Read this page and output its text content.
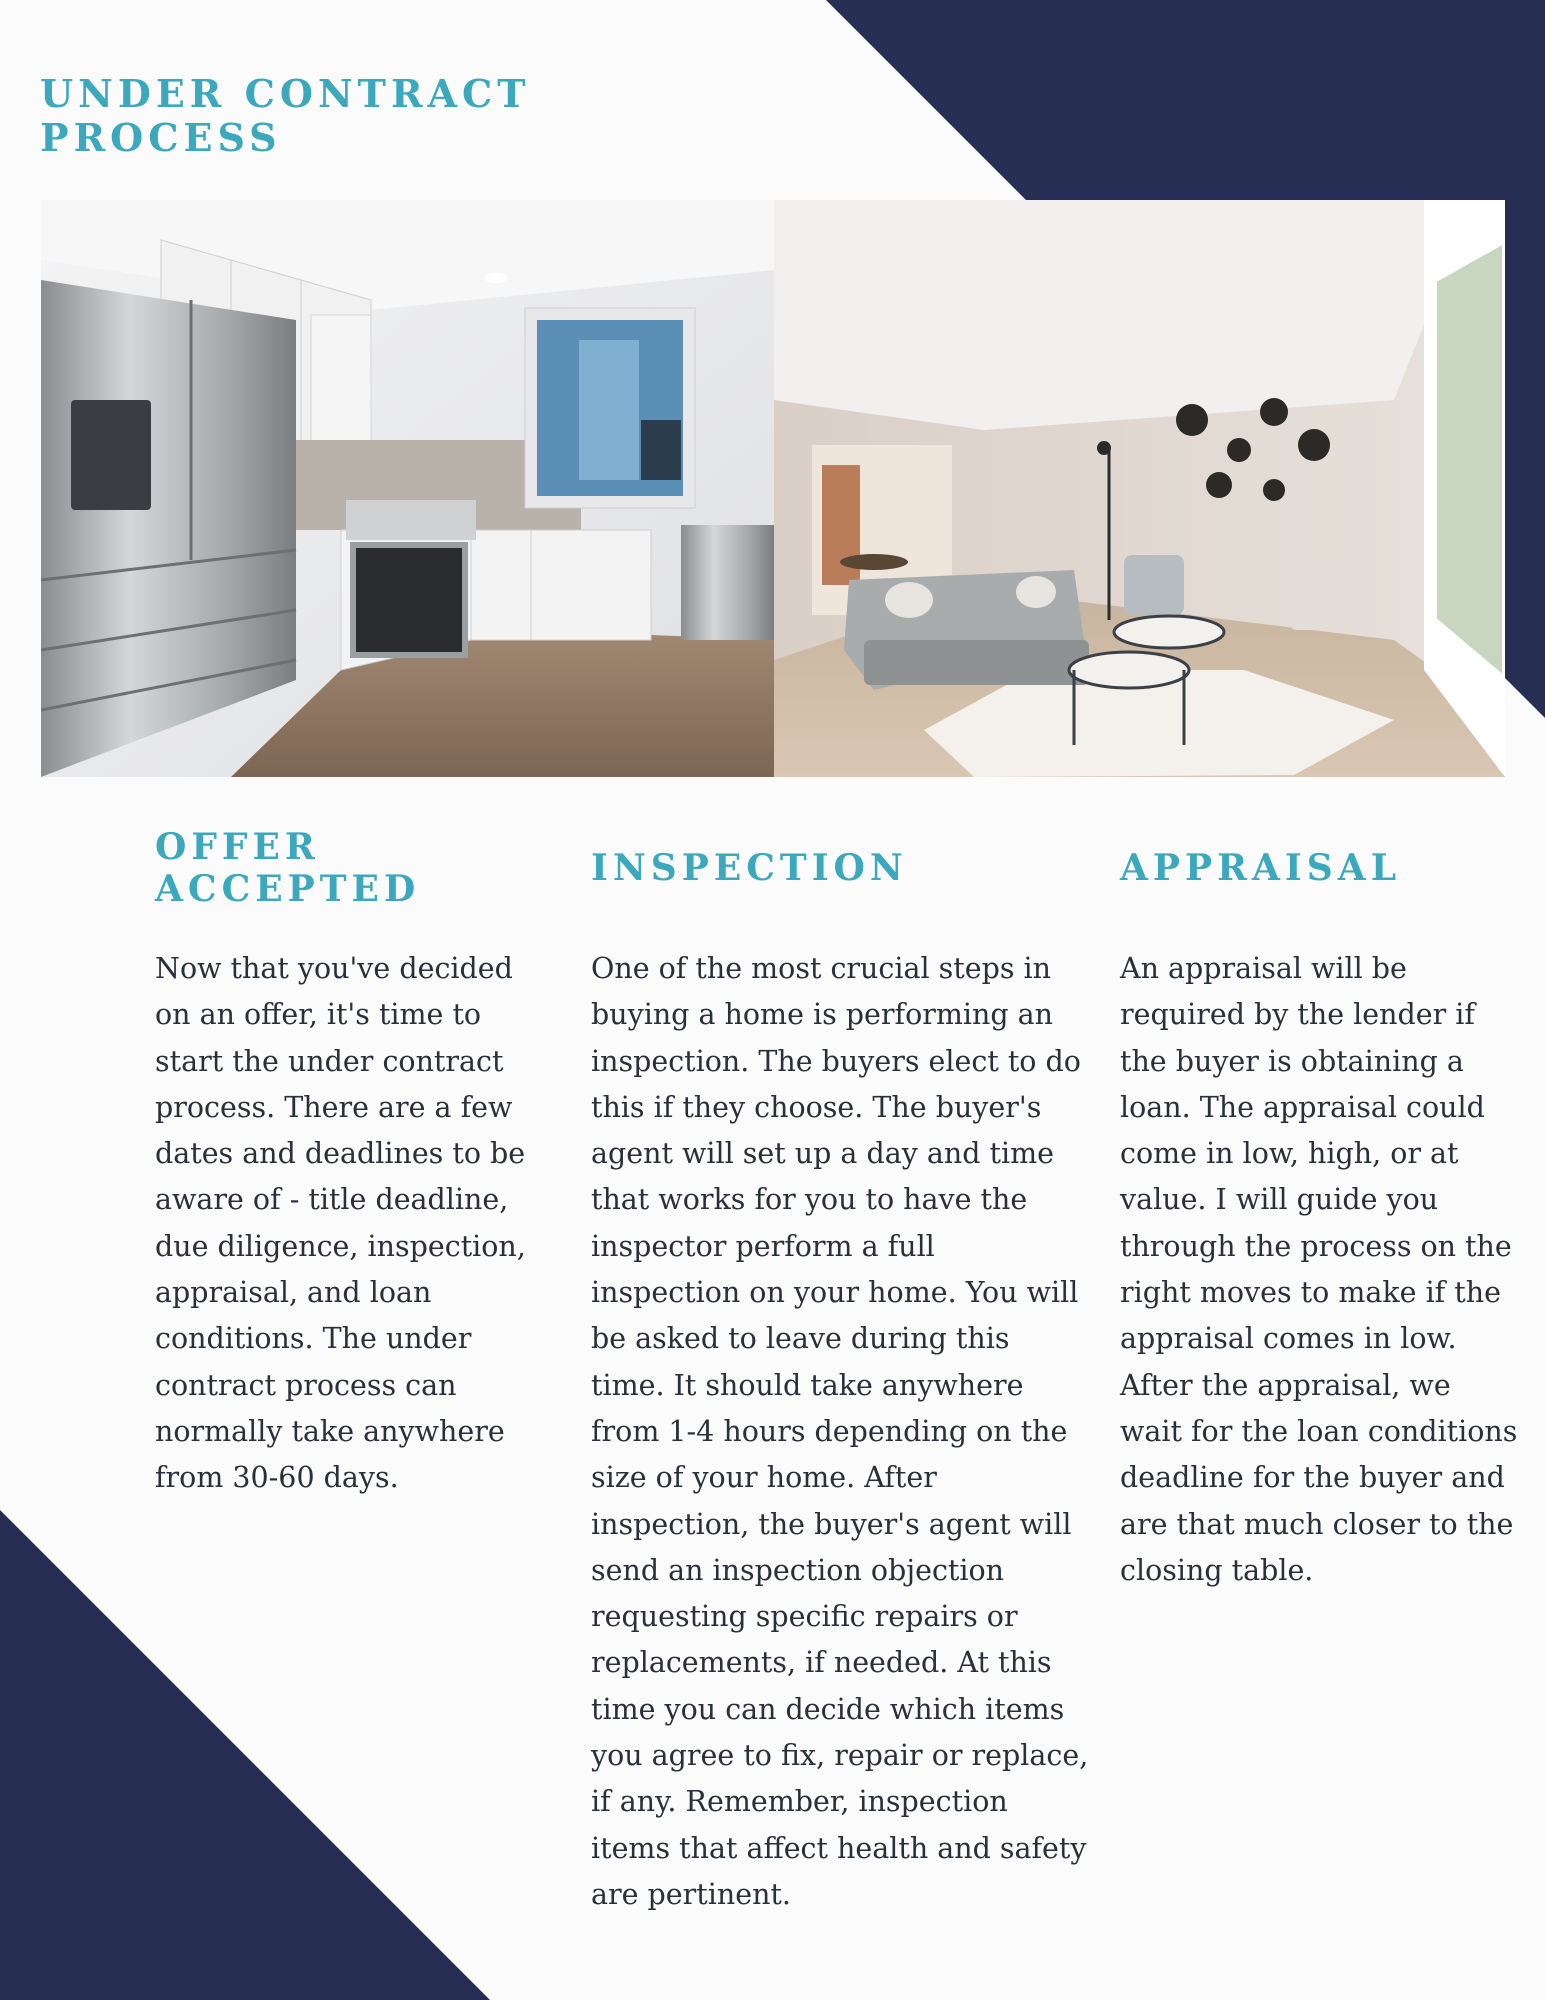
UNDER CONTRACT PROCESS
OFFER ACCEPTED

Now that you've decided on an offer, it's time to start the under contract process. There are a few dates and deadlines to be aware of - title deadline, due diligence, inspection, appraisal, and loan conditions. The under contract process can normally take anywhere from 30-60 days.

INSPECTION

One of the most crucial steps in buying a home is performing an inspection. The buyers elect to do this if they choose. The buyer's agent will set up a day and time that works for you to have the inspector perform a full inspection on your home. You will be asked to leave during this time. It should take anywhere from 1-4 hours depending on the size of your home. After inspection, the buyer's agent will send an inspection objection requesting specific repairs or replacements, if needed. At this time you can decide which items you agree to fix, repair or replace, if any. Remember, inspection items that affect health and safety are pertinent.

APPRAISAL

An appraisal will be required by the lender if the buyer is obtaining a loan. The appraisal could come in low, high, or at value. I will guide you through the process on the right moves to make if the appraisal comes in low. After the appraisal, we wait for the loan conditions deadline for the buyer and are that much closer to the closing table.
